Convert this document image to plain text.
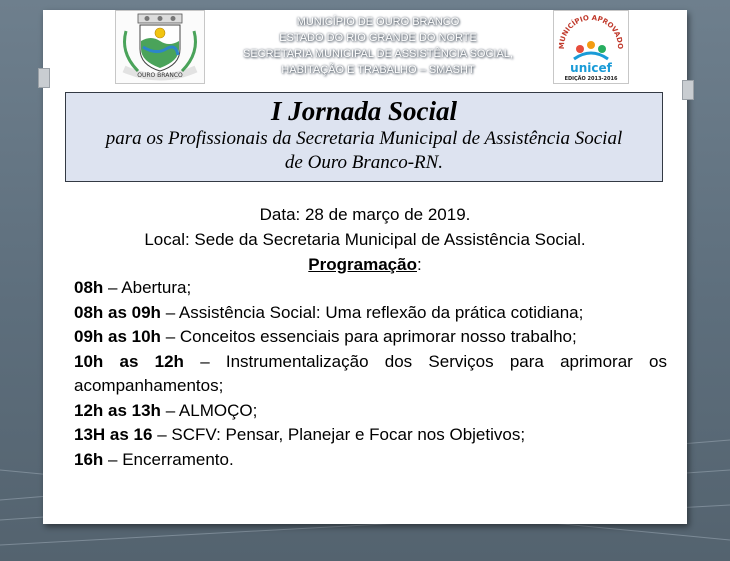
OURO BRANCO
MUNICÍPIO DE OURO BRANCO
ESTADO DO RIO GRANDE DO NORTE
SECRETARIA MUNICIPAL DE ASSISTÊNCIA SOCIAL,
HABITAÇÃO E TRABALHO – SMASHT
MUNICÍPIO APROVADO
unicef
EDIÇÃO 2013-2016
I Jornada Social
para os Profissionais da Secretaria Municipal de Assistência Social
de Ouro Branco-RN.
Data: 28 de março de 2019.
Local: Sede da Secretaria Municipal de Assistência Social.
Programação:
08h – Abertura;
08h as 09h – Assistência Social: Uma reflexão da prática cotidiana;
09h as 10h – Conceitos essenciais para aprimorar nosso trabalho;
10h as 12h – Instrumentalização dos Serviços para aprimorar os acompanhamentos;
12h as 13h – ALMOÇO;
13H as 16 – SCFV: Pensar, Planejar e Focar nos Objetivos;
16h – Encerramento.
